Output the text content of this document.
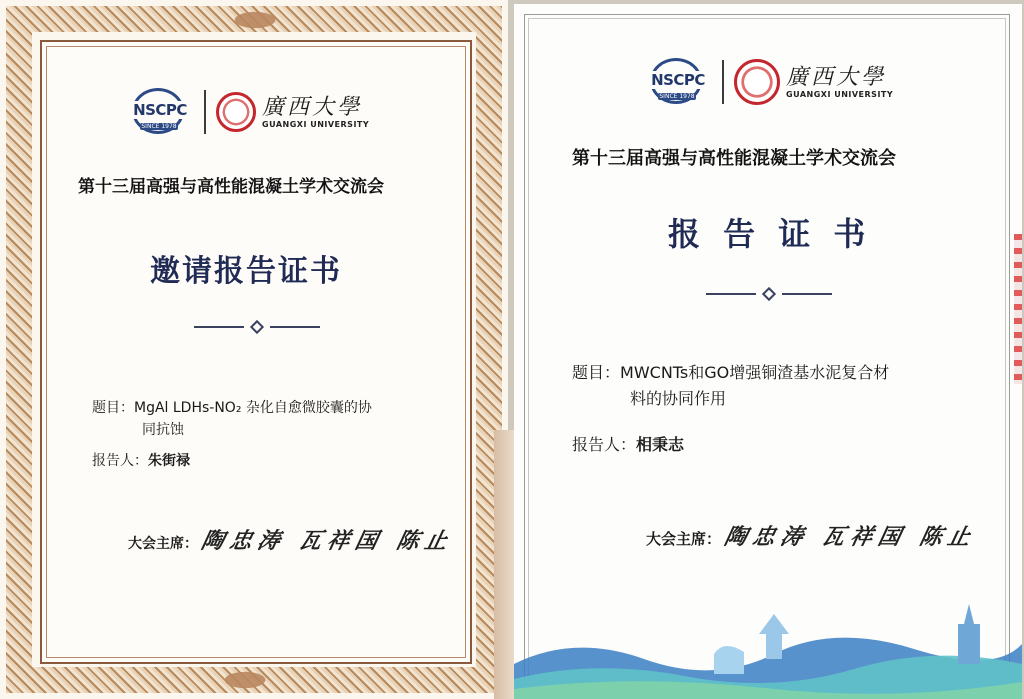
NSCPC
SINCE 1978
廣西大學
GUANGXI UNIVERSITY
第十三届高强与高性能混凝土学术交流会
邀请报告证书
题目：MgAl LDHs-NO₂ 杂化自愈微胶囊的协
同抗蚀
报告人：朱街禄
大会主席：陶忠涛 瓦祥国 陈止
NSCPC
SINCE 1978
廣西大學
GUANGXI UNIVERSITY
第十三届高强与高性能混凝土学术交流会
报 告 证 书
题目：MWCNTs和GO增强铜渣基水泥复合材
料的协同作用
报告人：相秉志
大会主席：陶忠涛 瓦祥国 陈止
